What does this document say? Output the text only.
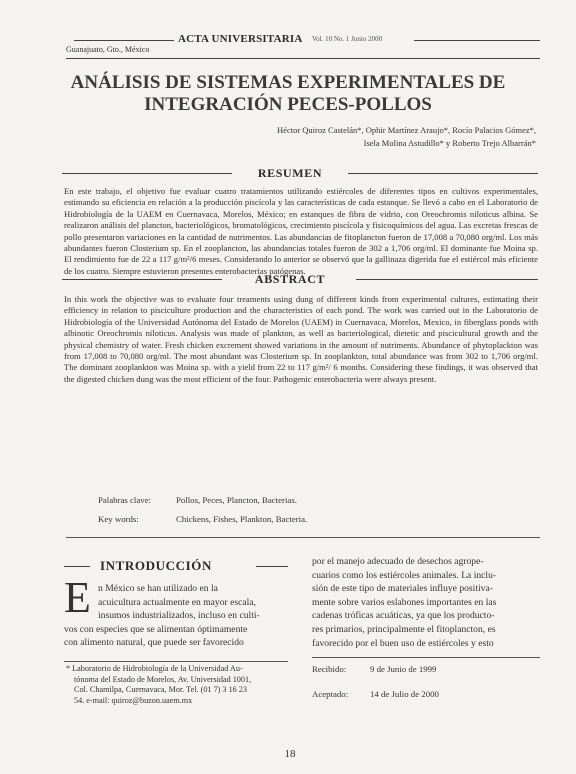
ACTA UNIVERSITARIA Vol. 10 No. 1 Junio 2000
Guanajuato, Gto., México
ANÁLISIS DE SISTEMAS EXPERIMENTALES DE
INTEGRACIÓN PECES-POLLOS
Héctor Quiroz Castelán*, Ophir Martínez Araujo*, Rocío Palacios Gómez*,
Isela Molina Astudillo* y Roberto Trejo Albarrán*
RESUMEN
En este trabajo, el objetivo fue evaluar cuatro tratamientos utilizando estiércoles de diferentes tipos en cultivos experimentales, estimando su eficiencia en relación a la producción piscícola y las características de cada estanque. Se llevó a cabo en el Laboratorio de Hidrobiología de la UAEM en Cuernavaca, Morelos, México; en estanques de fibra de vidrio, con Oreochromis niloticus albina. Se realizaron análisis del plancton, bacteriológicos, bromatológicos, crecimiento piscícola y fisicoquímicos del agua. Las excretas frescas de pollo presentaron variaciones en la cantidad de nutrimentos. Las abundancias de fitoplancton fueron de 17,008 a 70,080 org/ml. Los más abundantes fueron Closterium sp. En el zooplancton, las abundancias totales fueron de 302 a 1,706 org/ml. El dominante fue Moina sp. El rendimiento fue de 22 a 117 g/m²/6 meses. Considerando lo anterior se observó que la gallinaza digerida fue el estiércol más eficiente de los cuatro. Siempre estuvieron presentes enterobacterias patógenas.
ABSTRACT
In this work the objective was to evaluate four treaments using dung of different kinds from experimental cultures, estimating their efficiency in relation to pisciculture production and the characteristics of each pond. The work was carried out in the Laboratorio de Hidrobiología of the Universidad Autónoma del Estado de Morelos (UAEM) in Cuernavaca, Morelos, Mexico, in fiberglass ponds with albinotic Oreochromis niloticus. Analysis was made of plankton, as well as bacteriological, dietetic and piscicultural growth and the physical chemistry of water. Fresh chicken excrement showed variations in the amount of nutriments. Abundance of phytoplackton was from 17,008 to 70,080 org/ml. The most abundant was Closterium sp. In zooplankton, total abundance was from 302 to 1,706 org/ml. The dominant zooplankton was Moina sp. with a yield from 22 to 117 g/m²/ 6 months. Considering these findings, it was observed that the digested chicken dung was the most efficient of the four. Pathogenic enterobacteria were always present.
Palabras clave:	Pollos, Peces, Plancton, Bacterias.
Key words:	Chickens, Fishes, Plankton, Bacteria.
INTRODUCCIÓN
E n México se han utilizado en la
acuicultura actualmente en mayor escala,
insumos industrializados, incluso en culti-
vos con especies que se alimentan óptimamente
con alimento natural, que puede ser favorecido
por el manejo adecuado de desechos agrope-
cuarios como los estiércoles animales. La inclu-
sión de este tipo de materiales influye positiva-
mente sobre varios eslabones importantes en las
cadenas tróficas acuáticas, ya que los producto-
res primarios, principalmente el fitoplancton, es
favorecido por el buen uso de estiércoles y esto
* Laboratorio de Hidrobiología de la Universidad Au-
tónoma del Estado de Morelos, Av. Universidad 1001,
Col. Chamilpa, Cuernavaca, Mor. Tel. (01 7) 3 16 23
54. e-mail: quiroz@buzon.uaem.mx
Recibido:	9 de Junio de 1999
Aceptado: 14 de Julio de 2000
18
